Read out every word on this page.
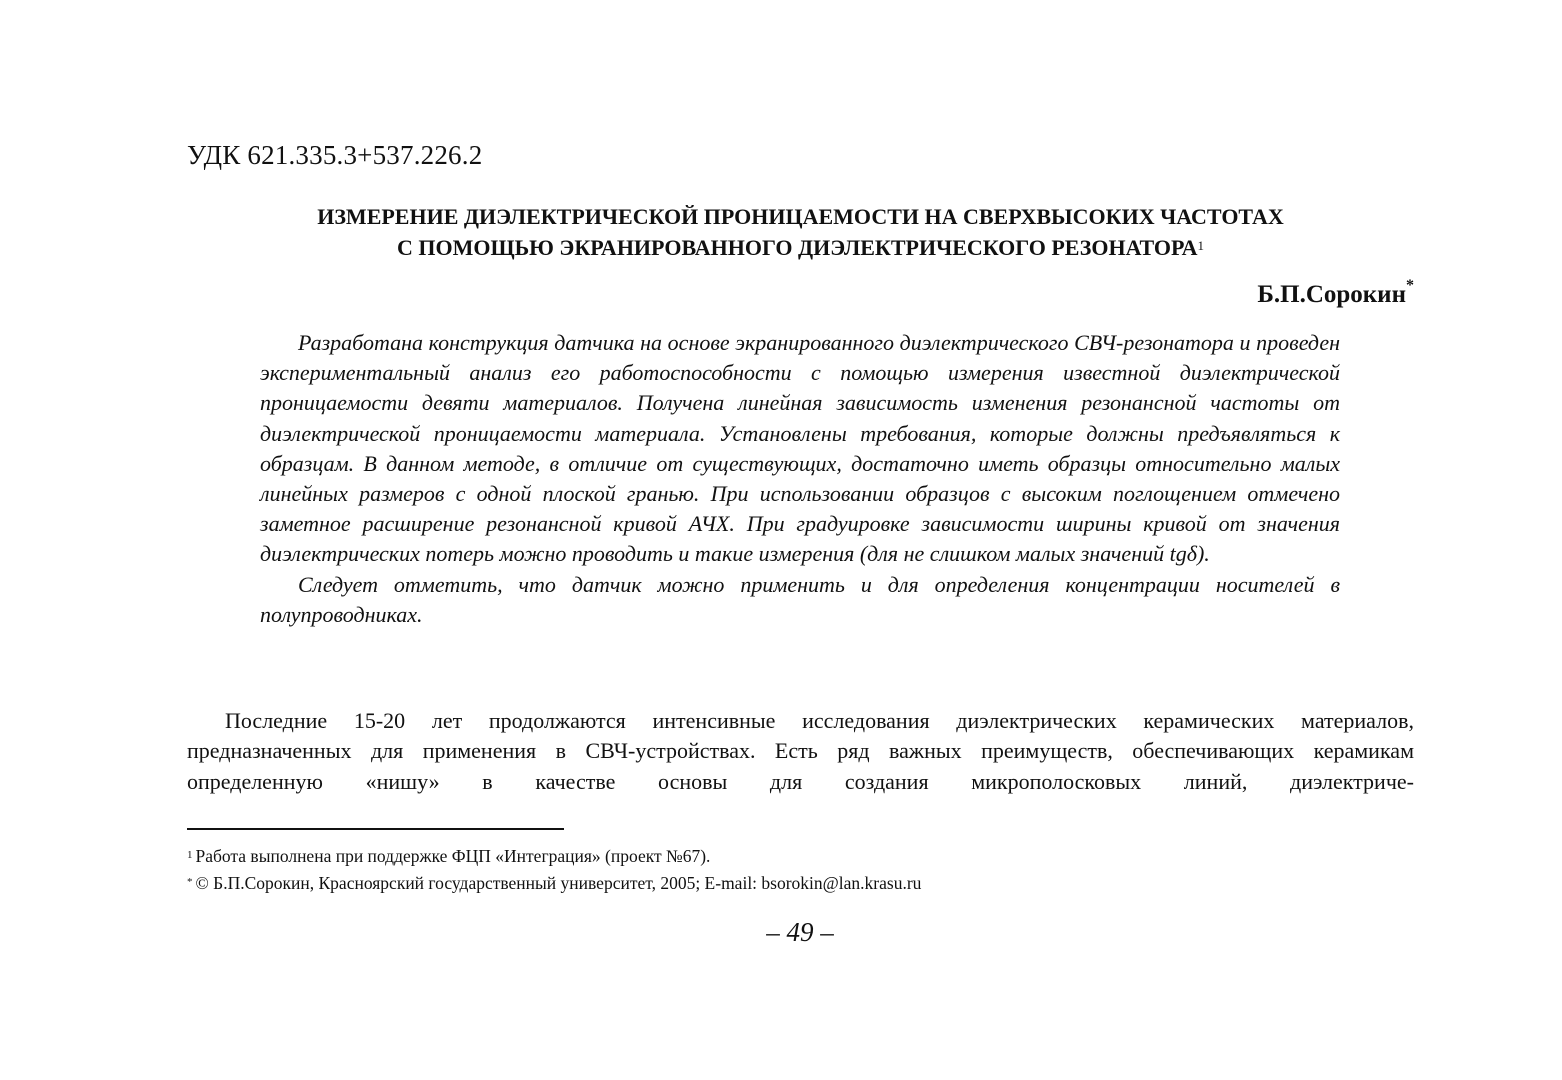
УДК 621.335.3+537.226.2
ИЗМЕРЕНИЕ ДИЭЛЕКТРИЧЕСКОЙ ПРОНИЦАЕМОСТИ НА СВЕРХВЫСОКИХ ЧАСТОТАХ
С ПОМОЩЬЮ ЭКРАНИРОВАННОГО ДИЭЛЕКТРИЧЕСКОГО РЕЗОНАТОРА$^1$
Б.П.Сорокин*

Разработана конструкция датчика на основе экранированного диэлектрического СВЧ-резонатора и проведен экспериментальный анализ его работоспособности с помощью измерения известной диэлектрической проницаемости девяти материалов. Получена линейная зависимость изменения резонансной частоты от диэлектрической проницаемости материала. Установлены требования, которые должны предъявляться к образцам. В данном методе, в отличие от существующих, достаточно иметь образцы относительно малых линейных размеров с одной плоской гранью. При использовании образцов с высоким поглощением отмечено заметное расширение резонансной кривой АЧХ. При градуировке зависимости ширины кривой от значения диэлектрических потерь можно проводить и такие измерения (для не слишком малых значений tgδ).

Следует отметить, что датчик можно применить и для определения концентрации носителей в полупроводниках.

Последние 15-20 лет продолжаются интенсивные исследования диэлектрических керамических материалов, предназначенных для применения в СВЧ-устройствах. Есть ряд важных преимуществ, обеспечивающих керамикам определенную «нишу» в качестве основы для создания микрополосковых линий, диэлектриче-

$^1$ Работа выполнена при поддержке ФЦП «Интеграция» (проект №67).
* © Б.П.Сорокин, Красноярский государственный университет, 2005; E-mail: bsorokin@lan.krasu.ru
– 49 –
